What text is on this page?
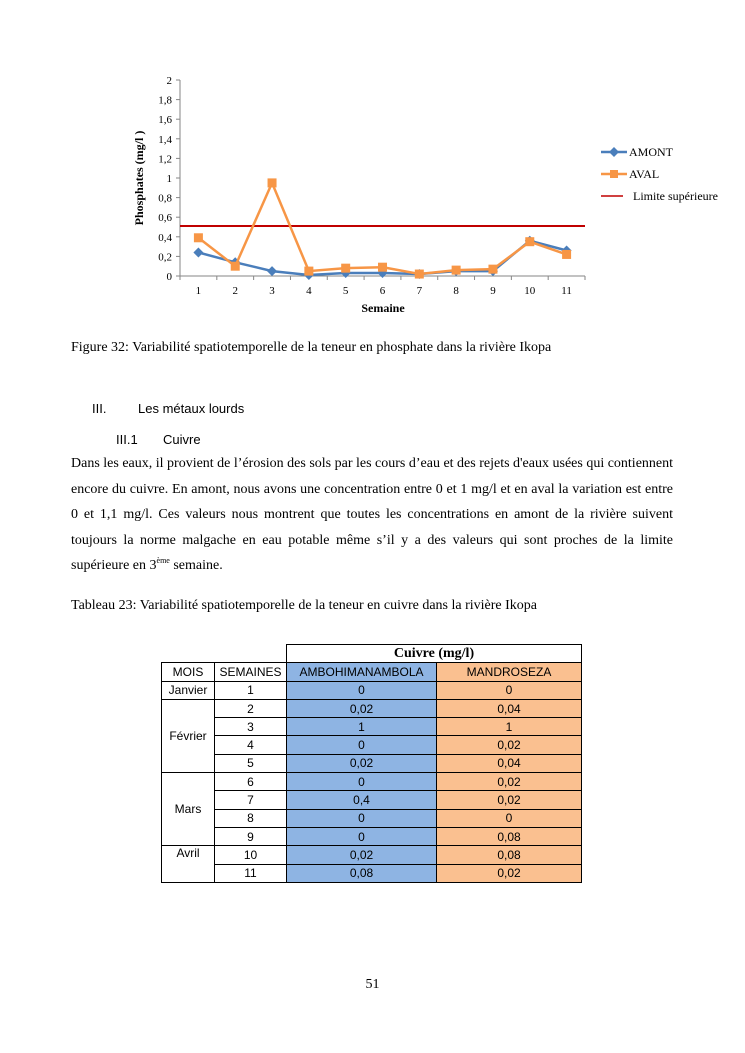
0
0,2
0,4
0,6
0,8
1
1,2
1,4
1,6
1,8
2
Phosphates (mg/l )
Semaine
1	2	3	4	5	6	7	8	9	10 11
AMONT
AVAL
Limite supérieure

Figure 32: Variabilité spatiotemporelle de la teneur en phosphate dans la rivière Ikopa

III. Les métaux lourds
III.1 Cuivre

Dans les eaux, il provient de l’érosion des sols par les cours d’eau et des rejets d'eaux usées qui contiennent encore du cuivre. En amont, nous avons une concentration entre 0 et 1 mg/l et en aval la variation est entre 0 et 1,1 mg/l. Ces valeurs nous montrent que toutes les concentrations en amont de la rivière suivent toujours la norme malgache en eau potable même s’il y a des valeurs qui sont proches de la limite supérieure en 3ème semaine.

Tableau 23: Variabilité spatiotemporelle de la teneur en cuivre dans la rivière Ikopa

		Cuivre (mg/l)	
MOIS	SEMAINES	AMBOHIMANAMBOLA	MANDROSEZA
Janvier	1	0	0
Février	2	0,02	0,04
	3	1	1
	4	0	0,02
	5	0,02	0,04
Mars	6	0	0,02
	7	0,4	0,02
	8	0	0
	9	0	0,08
Avril	10	0,02	0,08
	11	0,08	0,02
51
